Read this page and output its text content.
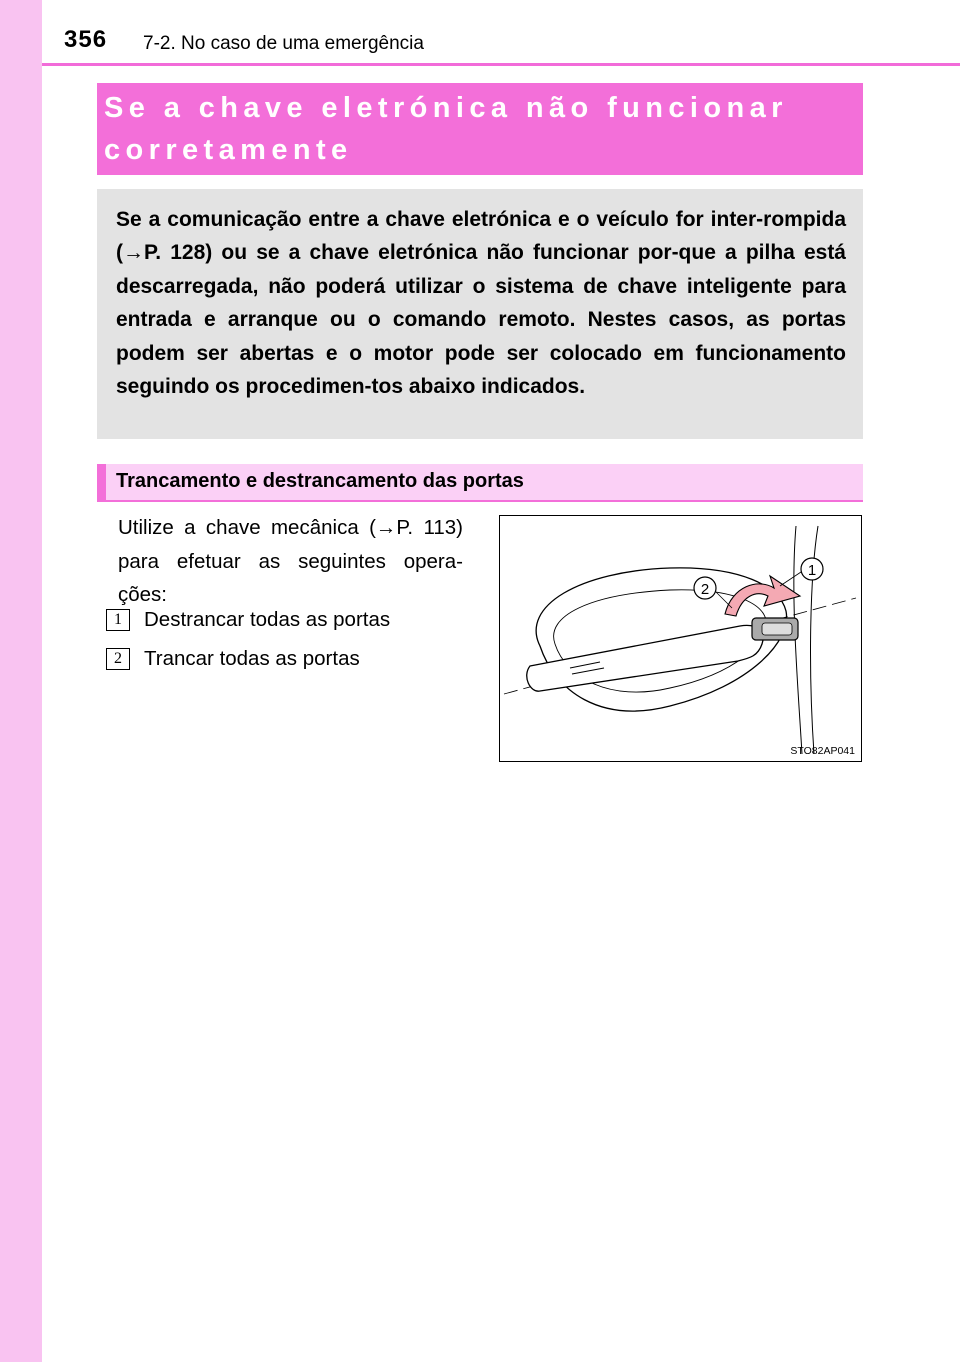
356 7-2. No caso de uma emergência
Se a chave eletrónica não funcionar corretamente
Se a comunicação entre a chave eletrónica e o veículo for inter-rompida (→P. 128) ou se a chave eletrónica não funcionar por-que a pilha está descarregada, não poderá utilizar o sistema de chave inteligente para entrada e arranque ou o comando remoto. Nestes casos, as portas podem ser abertas e o motor pode ser colocado em funcionamento seguindo os procedimen-tos abaixo indicados.
Trancamento e destrancamento das portas
Utilize a chave mecânica (→P. 113) para efetuar as seguintes opera-ções:
1	Destrancar todas as portas
2	Trancar todas as portas
1
2
STO82AP041
